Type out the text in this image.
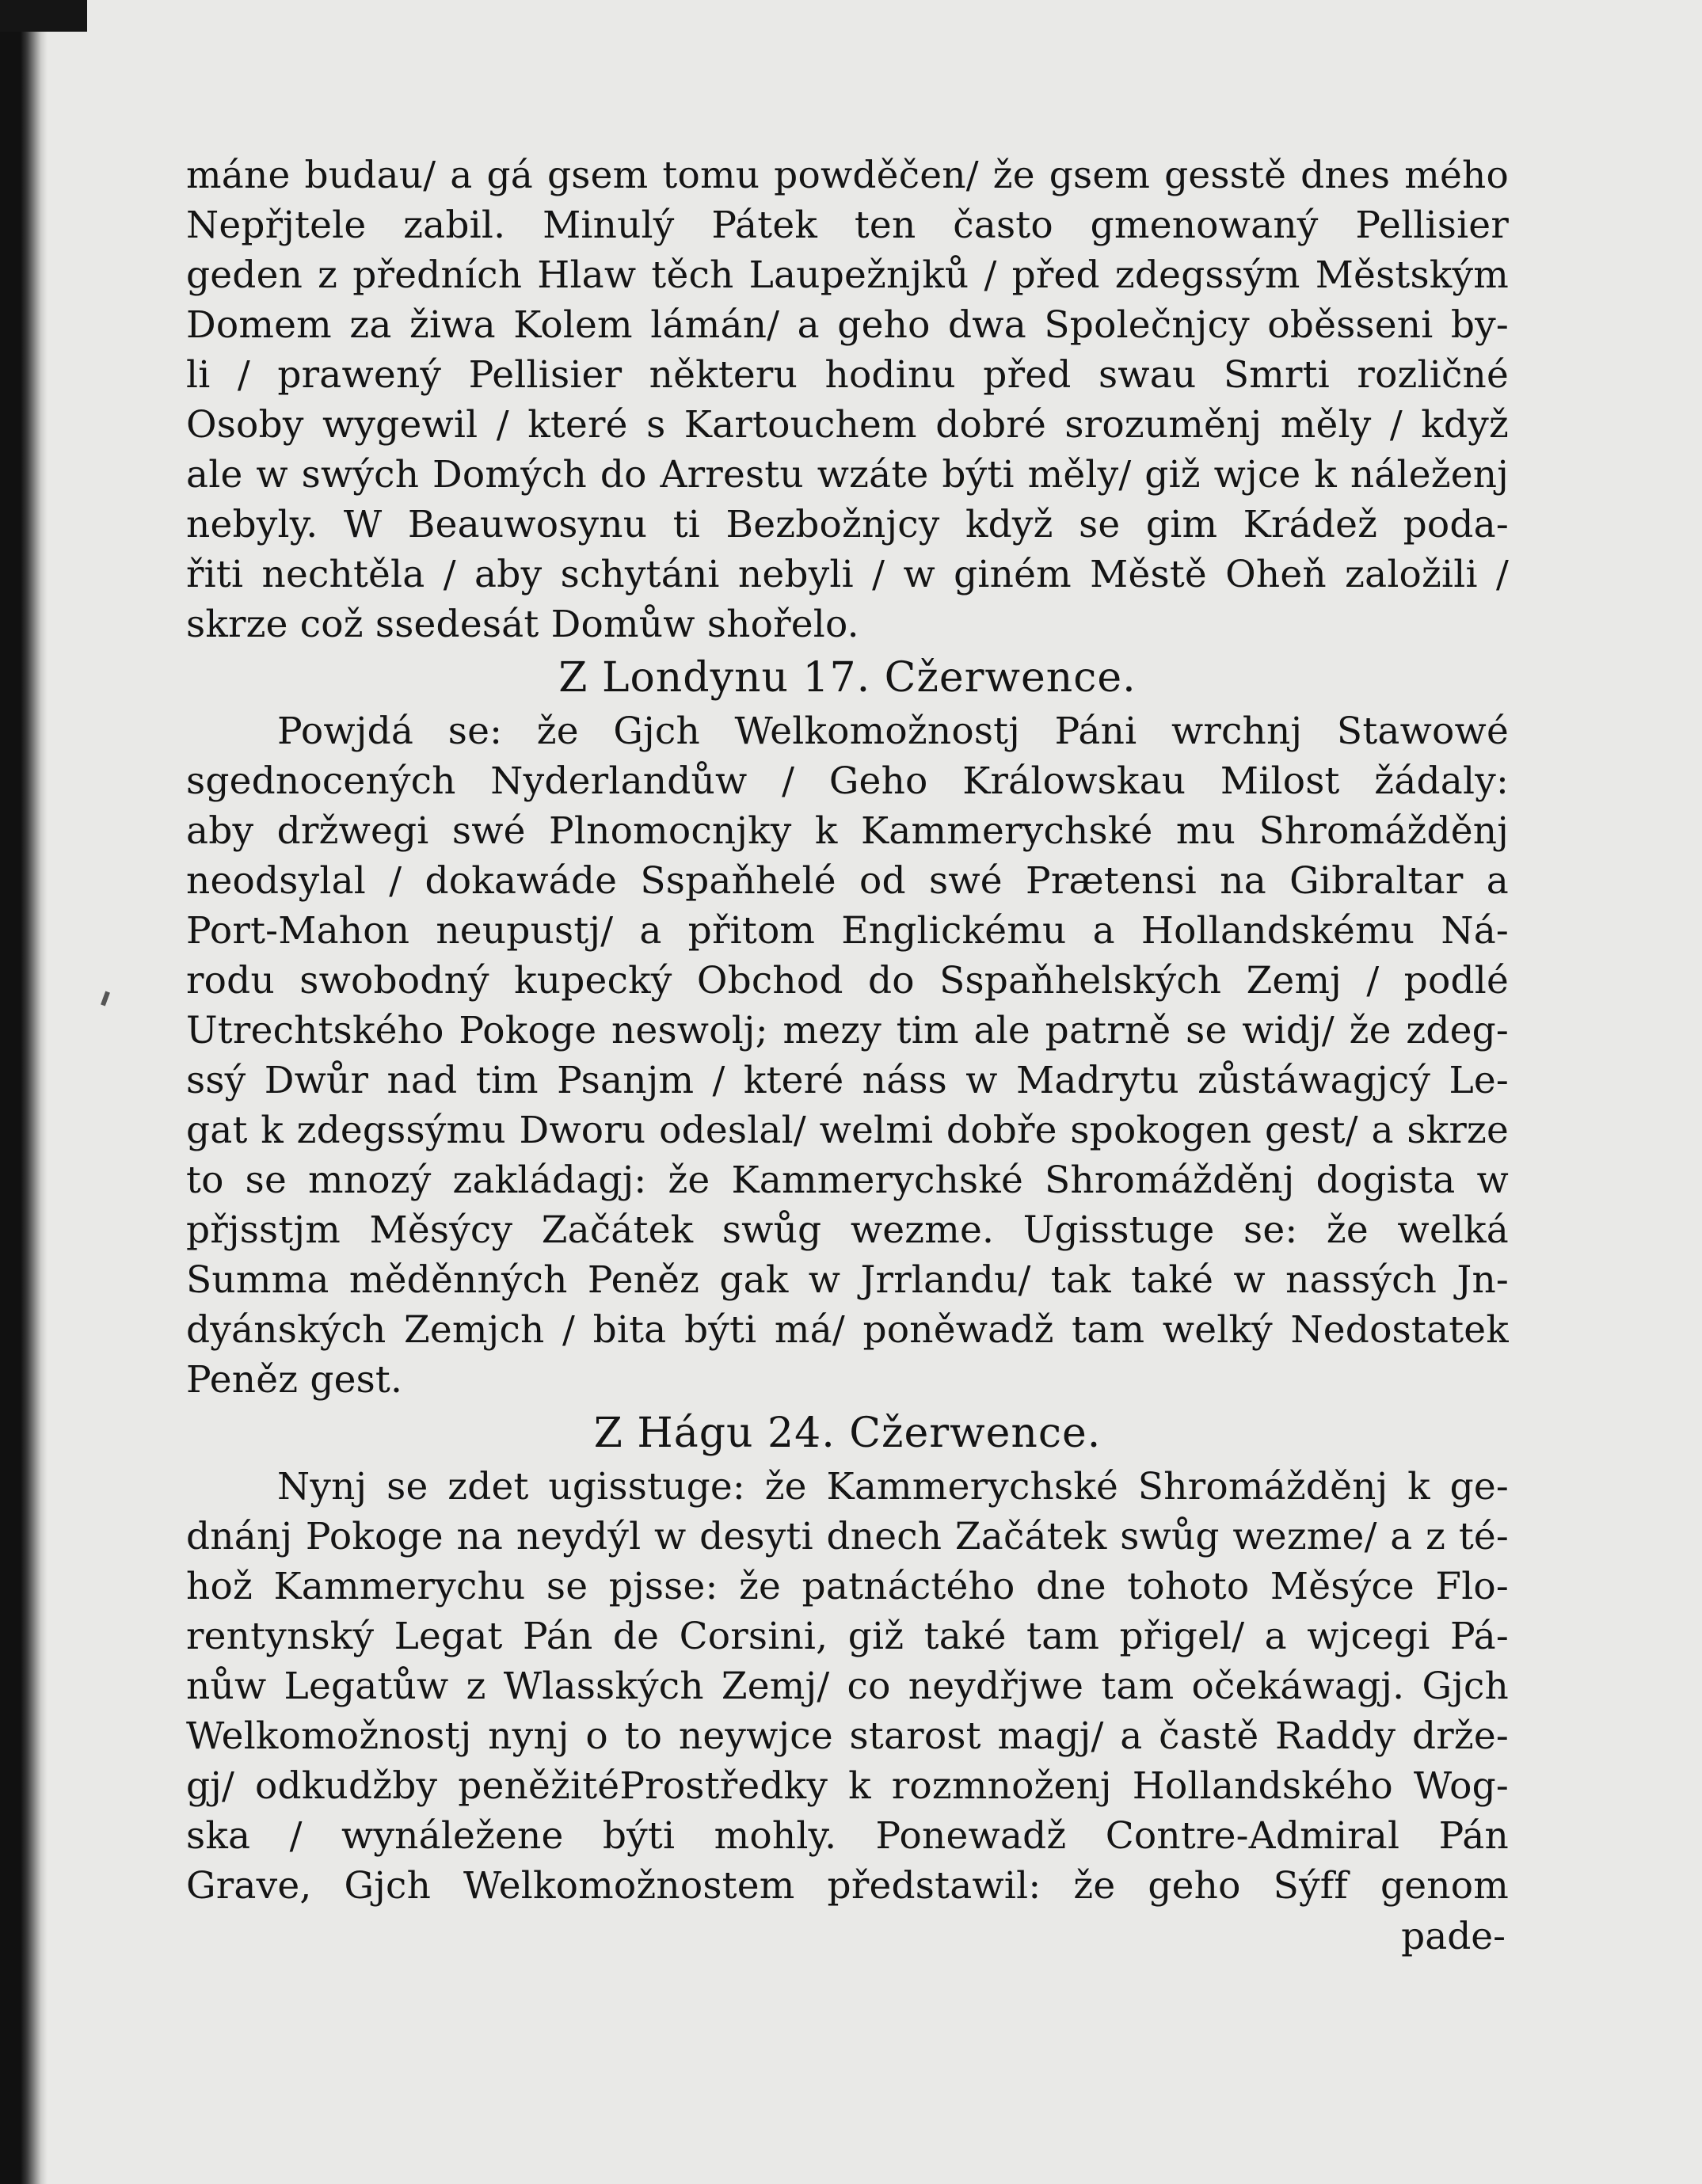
máne budau/ a gá gsem tomu powděčen/ že gsem gesstě dnes mého
Nepřjtele zabil. Minulý Pátek ten často gmenowaný Pellisier
geden z předních Hlaw těch Laupežnjků / před zdegssým Městským
Domem za žiwa Kolem lámán/ a geho dwa Společnjcy oběsseni by-
li / prawený Pellisier některu hodinu před swau Smrti rozličné
Osoby wygewil / které s Kartouchem dobré srozuměnj měly / když
ale w swých Domých do Arrestu wzáte býti měly/ giž wjce k náleženj
nebyly. W Beauwosynu ti Bezbožnjcy když se gim Krádež poda-
řiti nechtěla / aby schytáni nebyli / w giném Městě Oheň založili /
skrze což ssedesát Domůw shořelo.
Z Londynu 17. Cžerwence.
Powjdá se: že Gjch Welkomožnostj Páni wrchnj Stawowé
sgednocených Nyderlandůw / Geho Králowskau Milost žádaly:
aby držwegi swé Plnomocnjky k Kammerychské mu Shromážděnj
neodsylal / dokawáde Sspaňhelé od swé Prætensi na Gibraltar a
Port-Mahon neupustj/ a přitom Englickému a Hollandskému Ná-
rodu swobodný kupecký Obchod do Sspaňhelských Zemj / podlé
Utrechtského Pokoge neswolj; mezy tim ale patrně se widj/ že zdeg-
ssý Dwůr nad tim Psanjm / které náss w Madrytu zůstáwagjcý Le-
gat k zdegssýmu Dworu odeslal/ welmi dobře spokogen gest/ a skrze
to se mnozý zakládagj: že Kammerychské Shromážděnj dogista w
přjsstjm Měsýcy Začátek swůg wezme. Ugisstuge se: že welká
Summa měděnných Peněz gak w Jrrlandu/ tak také w nassých Jn-
dyánských Zemjch / bita býti má/ poněwadž tam welký Nedostatek
Peněz gest.
Z Hágu 24. Cžerwence.
Nynj se zdet ugisstuge: že Kammerychské Shromážděnj k ge-
dnánj Pokoge na neydýl w desyti dnech Začátek swůg wezme/ a z té-
hož Kammerychu se pjsse: že patnáctého dne tohoto Měsýce Flo-
rentynský Legat Pán de Corsini, giž také tam přigel/ a wjcegi Pá-
nůw Legatůw z Wlasských Zemj/ co neydřjwe tam očekáwagj. Gjch
Welkomožnostj nynj o to neywjce starost magj/ a častě Raddy drže-
gj/ odkudžby peněžitéProstředky k rozmnoženj Hollandského Wog-
ska / wynáležene býti mohly. Ponewadž Contre-Admiral Pán
Grave, Gjch Welkomožnostem předstawil: že geho Sýff genom
pade-
